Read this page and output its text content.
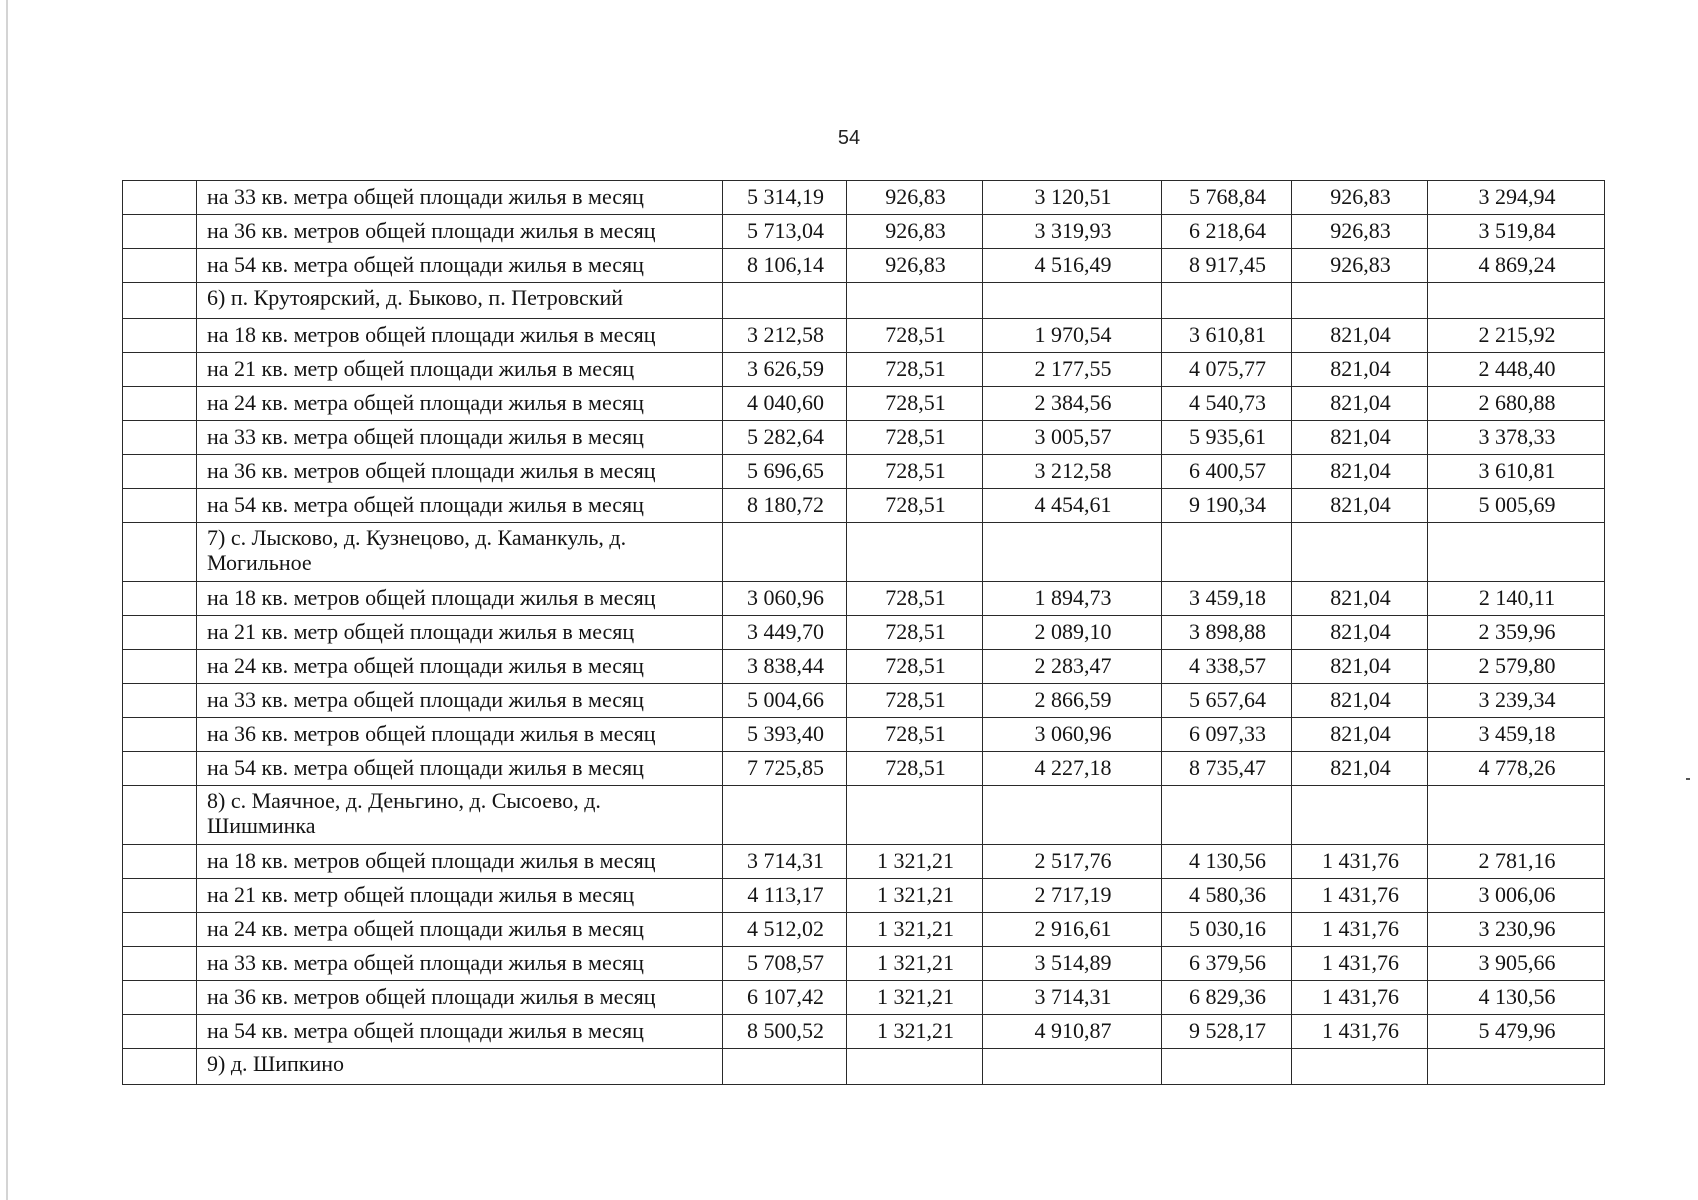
54
	на 33 кв. метра общей площади жилья в месяц	5 314,19	926,83	3 120,51	5 768,84	926,83	3 294,94
	на 36 кв. метров общей площади жилья в месяц	5 713,04	926,83	3 319,93	6 218,64	926,83	3 519,84
	на 54 кв. метра общей площади жилья в месяц	8 106,14	926,83	4 516,49	8 917,45	926,83	4 869,24
	6) п. Крутоярский, д. Быково, п. Петровский						
	на 18 кв. метров общей площади жилья в месяц	3 212,58	728,51	1 970,54	3 610,81	821,04	2 215,92
	на 21 кв. метр общей площади жилья в месяц	3 626,59	728,51	2 177,55	4 075,77	821,04	2 448,40
	на 24 кв. метра общей площади жилья в месяц	4 040,60	728,51	2 384,56	4 540,73	821,04	2 680,88
	на 33 кв. метра общей площади жилья в месяц	5 282,64	728,51	3 005,57	5 935,61	821,04	3 378,33
	на 36 кв. метров общей площади жилья в месяц	5 696,65	728,51	3 212,58	6 400,57	821,04	3 610,81
	на 54 кв. метра общей площади жилья в месяц	8 180,72	728,51	4 454,61	9 190,34	821,04	5 005,69
	7) с. Лысково, д. Кузнецово, д. Каманкуль, д. Могильное						
	на 18 кв. метров общей площади жилья в месяц	3 060,96	728,51	1 894,73	3 459,18	821,04	2 140,11
	на 21 кв. метр общей площади жилья в месяц	3 449,70	728,51	2 089,10	3 898,88	821,04	2 359,96
	на 24 кв. метра общей площади жилья в месяц	3 838,44	728,51	2 283,47	4 338,57	821,04	2 579,80
	на 33 кв. метра общей площади жилья в месяц	5 004,66	728,51	2 866,59	5 657,64	821,04	3 239,34
	на 36 кв. метров общей площади жилья в месяц	5 393,40	728,51	3 060,96	6 097,33	821,04	3 459,18
	на 54 кв. метра общей площади жилья в месяц	7 725,85	728,51	4 227,18	8 735,47	821,04	4 778,26
	8) с. Маячное, д. Деньгино, д. Сысоево, д. Шишминка						
	на 18 кв. метров общей площади жилья в месяц	3 714,31	1 321,21	2 517,76	4 130,56	1 431,76	2 781,16
	на 21 кв. метр общей площади жилья в месяц	4 113,17	1 321,21	2 717,19	4 580,36	1 431,76	3 006,06
	на 24 кв. метра общей площади жилья в месяц	4 512,02	1 321,21	2 916,61	5 030,16	1 431,76	3 230,96
	на 33 кв. метра общей площади жилья в месяц	5 708,57	1 321,21	3 514,89	6 379,56	1 431,76	3 905,66
	на 36 кв. метров общей площади жилья в месяц	6 107,42	1 321,21	3 714,31	6 829,36	1 431,76	4 130,56
	на 54 кв. метра общей площади жилья в месяц	8 500,52	1 321,21	4 910,87	9 528,17	1 431,76	5 479,96
	9) д. Шипкино						
